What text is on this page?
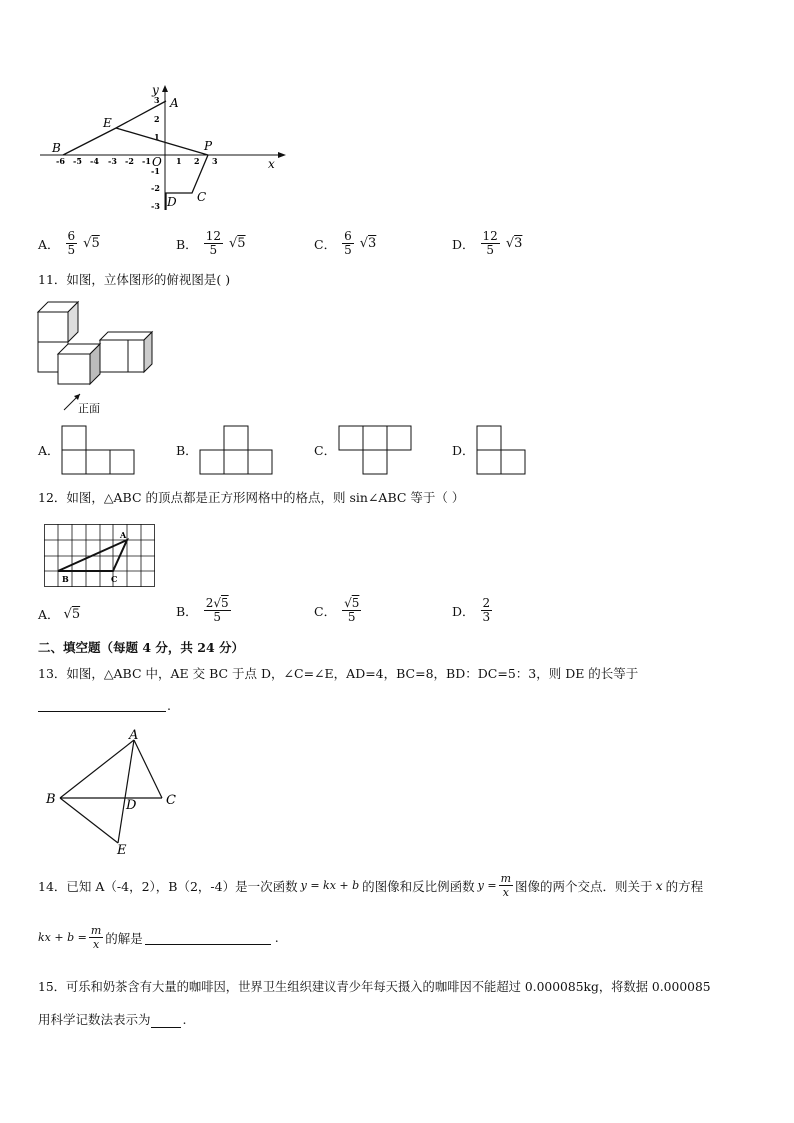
x
y
-6 -5 -4 -3 -2 -1	1 2 3
3
2
1
-1
-2
-3
A
E
B	P
O
C
D
A． $\frac{6}{5} √5$	B． $\frac{12}{5} √5$	C． $\frac{6}{5} √3$	D． $\frac{12}{5} √3$
11．如图，立体图形的俯视图是( )
正面
A．	B．	C．	D．
12．如图，△ABC 的顶点都是正方形网格中的格点，则 sin∠ABC 等于（ ）
A
B	C
A． √5	B． $\frac{2√5}{5}$	C． $\frac{√5}{5}$	D． $\frac{2}{3}$
二、填空题（每题 4 分，共 24 分）
13．如图，△ABC 中，AE 交 BC 于点 D，∠C=∠E，AD=4，BC=8，BD：DC=5：3，则 DE 的长等于
.
A
B	C
D
E
14．已知 A（-4，2），B（2，-4）是一次函数 y = kx + b 的图像和反比例函数 $y = \frac{m}{x}$ 图像的两个交点．则关于 x 的方程
kx + $b = \frac{m}{x}$ 的解是	.
15．可乐和奶茶含有大量的咖啡因，世界卫生组织建议青少年每天摄入的咖啡因不能超过 0.000085kg，将数据 0.000085
用科学记数法表示为	.
